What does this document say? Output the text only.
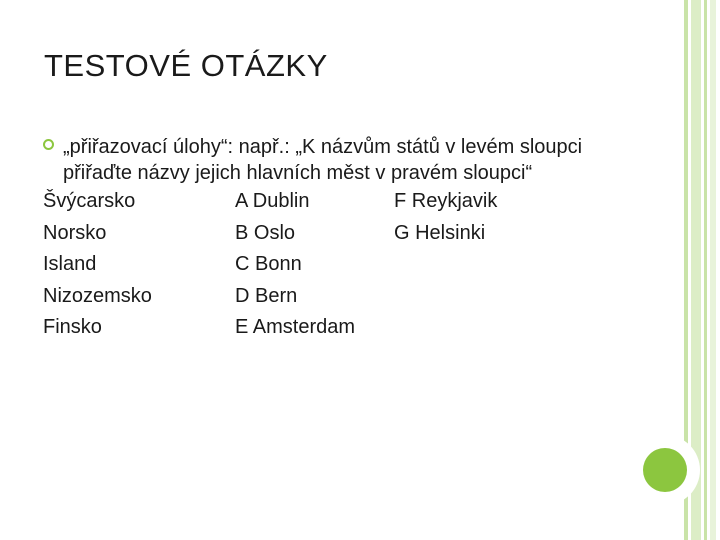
TESTOVÉ OTÁZKY
„přiřazovací úlohy“: např.: „K názvům států v levém sloupci
přiřaďte názvy jejich hlavních měst v pravém sloupci“
Švýcarsko	A Dublin	F Reykjavik
Norsko	B Oslo	G Helsinki
Island	C Bonn
Nizozemsko	D Bern
Finsko	E Amsterdam
